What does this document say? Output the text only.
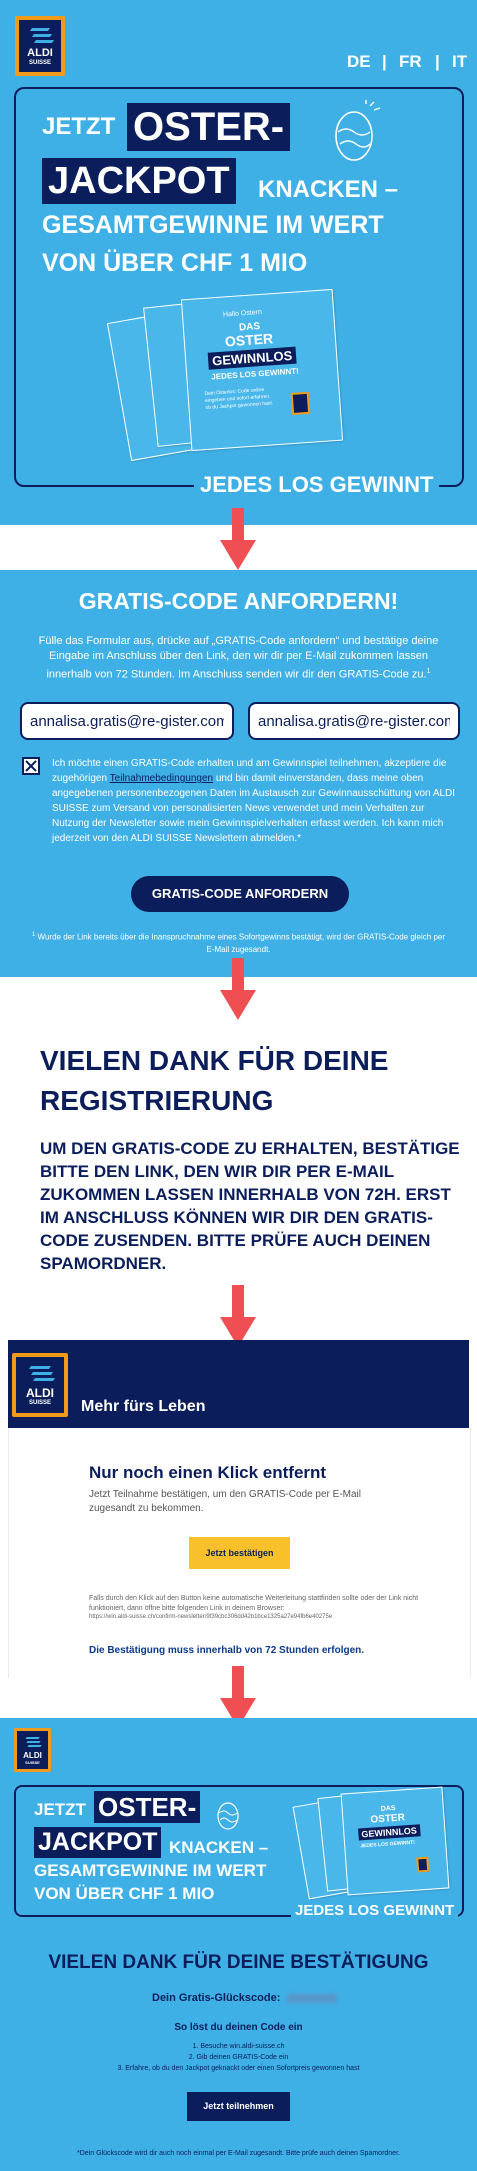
ALDI
SUISSE	DE | FR | IT
JETZT OSTER-
JACKPOT KNACKEN –
GESAMTGEWINNE IM WERT
VON ÜBER CHF 1 MIO
Hallo Ostern
DAS
OSTER
GEWINNLOS
JEDES LOS GEWINNT!
Dein Osterlos: Code online eingeben und sofort erfahren, ob du Jackpot gewonnen hast.
JEDES LOS GEWINNT
GRATIS-CODE ANFORDERN!
Fülle das Formular aus, drücke auf „GRATIS-Code anfordern“ und bestätige deine Eingabe im Anschluss über den Link, den wir dir per E-Mail zukommen lassen innerhalb von 72 Stunden. Im Anschluss senden wir dir den GRATIS-Code zu.$^1$
annalisa.gratis@re-gister.com
annalisa.gratis@re-gister.com
Ich möchte einen GRATIS-Code erhalten und am Gewinnspiel teilnehmen, akzeptiere die zugehörigen Teilnahmebedingungen und bin damit einverstanden, dass meine oben angegebenen personenbezogenen Daten im Austausch zur Gewinnausschüttung von ALDI SUISSE zum Versand von personalisierten News verwendet und mein Verhalten zur Nutzung der Newsletter sowie mein Gewinnspielverhalten erfasst werden. Ich kann mich jederzeit von den ALDI SUISSE Newslettern abmelden.*
GRATIS-CODE ANFORDERN
$^1$ Wurde der Link bereits über die Inanspruchnahme eines Sofortgewinns bestätigt, wird der GRATIS-Code gleich per E-Mail zugesandt.
VIELEN DANK FÜR DEINE
REGISTRIERUNG
UM DEN GRATIS-CODE ZU ERHALTEN, BESTÄTIGE
BITTE DEN LINK, DEN WIR DIR PER E-MAIL
ZUKOMMEN LASSEN INNERHALB VON 72H. ERST
IM ANSCHLUSS KÖNNEN WIR DIR DEN GRATIS-
CODE ZUSENDEN. BITTE PRÜFE AUCH DEINEN
SPAMORDNER.
ALDI
SUISSE	Mehr fürs Leben
Nur noch einen Klick entfernt
Jetzt Teilnahme bestätigen, um den GRATIS-Code per E-Mail zugesandt zu bekommen.
Jetzt bestätigen
Falls durch den Klick auf den Button keine automatische Weiterleitung stattfinden sollte oder der Link nicht funktioniert, dann öffne bitte folgenden Link in deinem Browser:
https://win.aldi-suisse.ch/confirm-newsletter/9f39cbc306dd42b1bce1325a27e94fb6e40275e
Die Bestätigung muss innerhalb von 72 Stunden erfolgen.
ALDI
SUISSE
JETZT OSTER-
JACKPOT KNACKEN –
GESAMTGEWINNE IM WERT
VON ÜBER CHF 1 MIO
DAS
OSTER
GEWINNLOS
JEDES LOS GEWINNT!
JEDES LOS GEWINNT
VIELEN DANK FÜR DEINE BESTÄTIGUNG
Dein Gratis-Glückscode:
So löst du deinen Code ein
1. Besuche win.aldi-suisse.ch
2. Gib deinen GRATIS-Code ein
3. Erfahre, ob du den Jackpot geknackt oder einen Sofortpreis gewonnen hast
Jetzt teilnehmen
*Dein Glückscode wird dir auch noch einmal per E-Mail zugesandt. Bitte prüfe auch deinen Spamordner.
